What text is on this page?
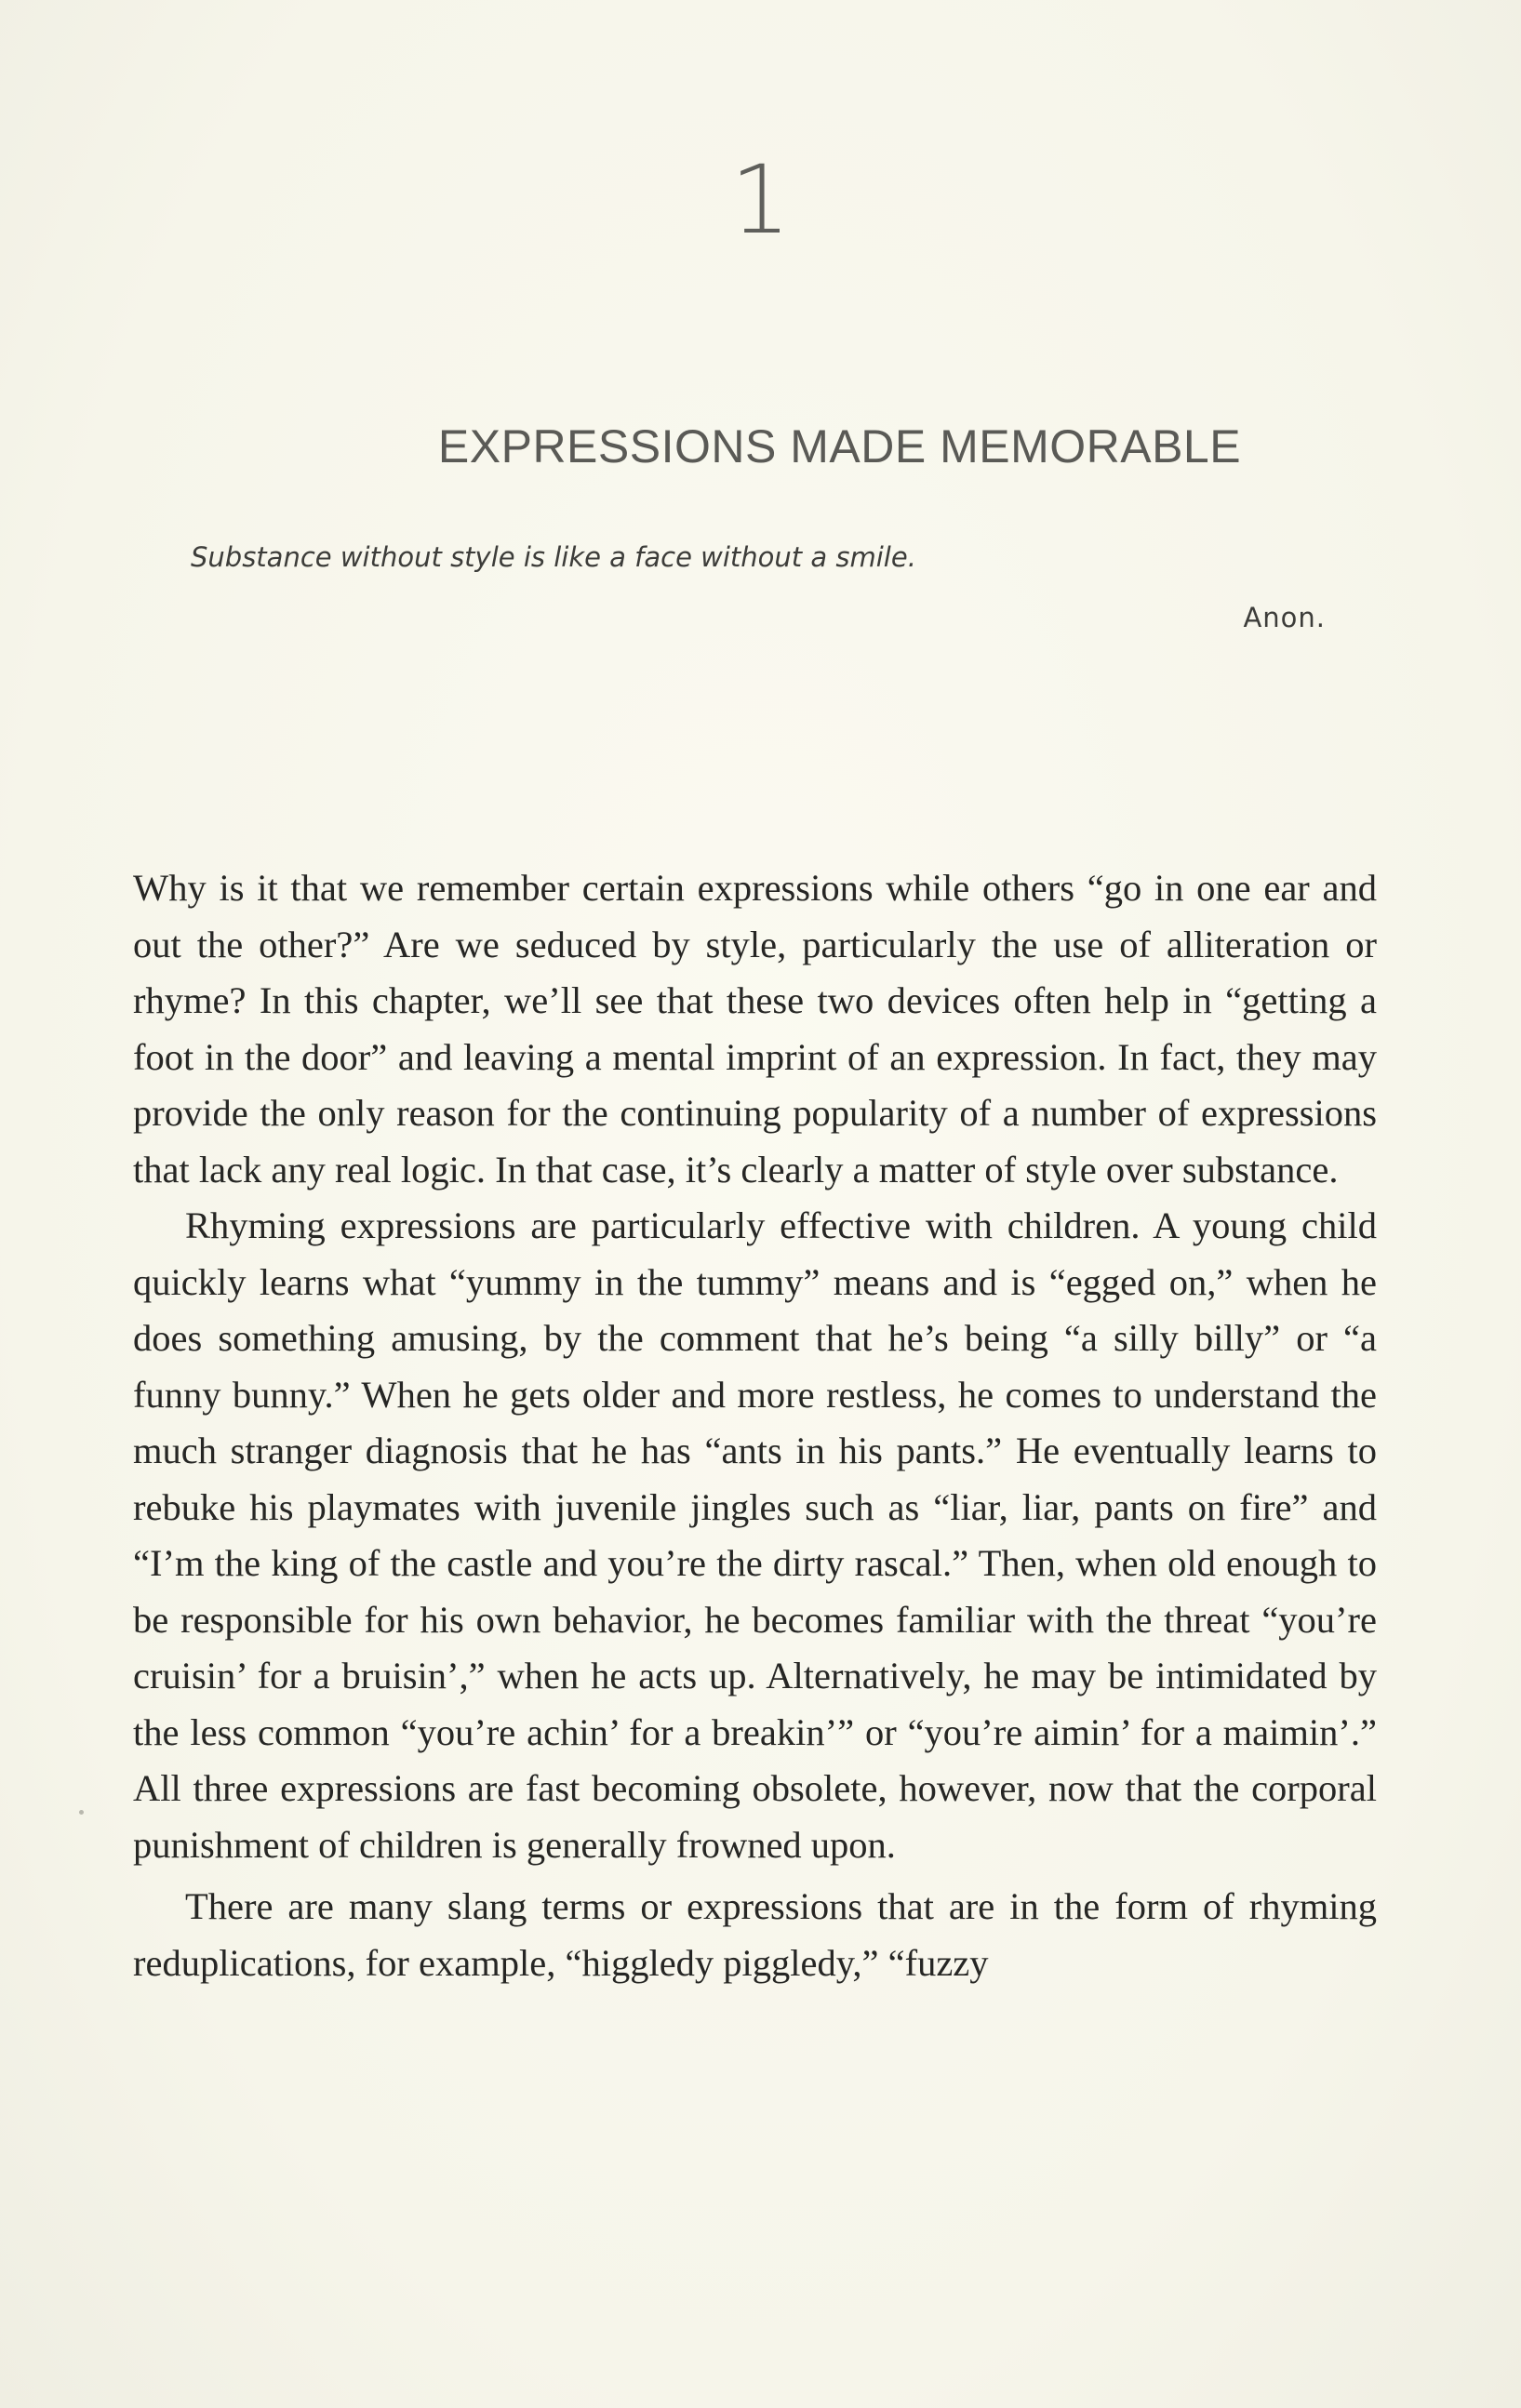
1
EXPRESSIONS MADE MEMORABLE
Substance without style is like a face without a smile.
Anon.

Why is it that we remember certain expressions while others “go in one ear and out the other?” Are we seduced by style, particularly the use of alliteration or rhyme? In this chapter, we’ll see that these two devices often help in “getting a foot in the door” and leaving a mental imprint of an expression. In fact, they may provide the only reason for the continuing popularity of a number of expressions that lack any real logic. In that case, it’s clearly a matter of style over substance.

Rhyming expressions are particularly effective with children. A young child quickly learns what “yummy in the tummy” means and is “egged on,” when he does something amusing, by the comment that he’s being “a silly billy” or “a funny bunny.” When he gets older and more restless, he comes to understand the much stranger diagnosis that he has “ants in his pants.” He eventually learns to rebuke his playmates with juvenile jingles such as “liar, liar, pants on fire” and “I’m the king of the castle and you’re the dirty rascal.” Then, when old enough to be responsible for his own behavior, he becomes familiar with the threat “you’re cruisin’ for a bruisin’,” when he acts up. Alternatively, he may be intimidated by the less common “you’re achin’ for a breakin’” or “you’re aimin’ for a maimin’.” All three expressions are fast becoming obsolete, however, now that the corporal punishment of children is generally frowned upon.

There are many slang terms or expressions that are in the form of rhyming reduplications, for example, “higgledy piggledy,” “fuzzy
